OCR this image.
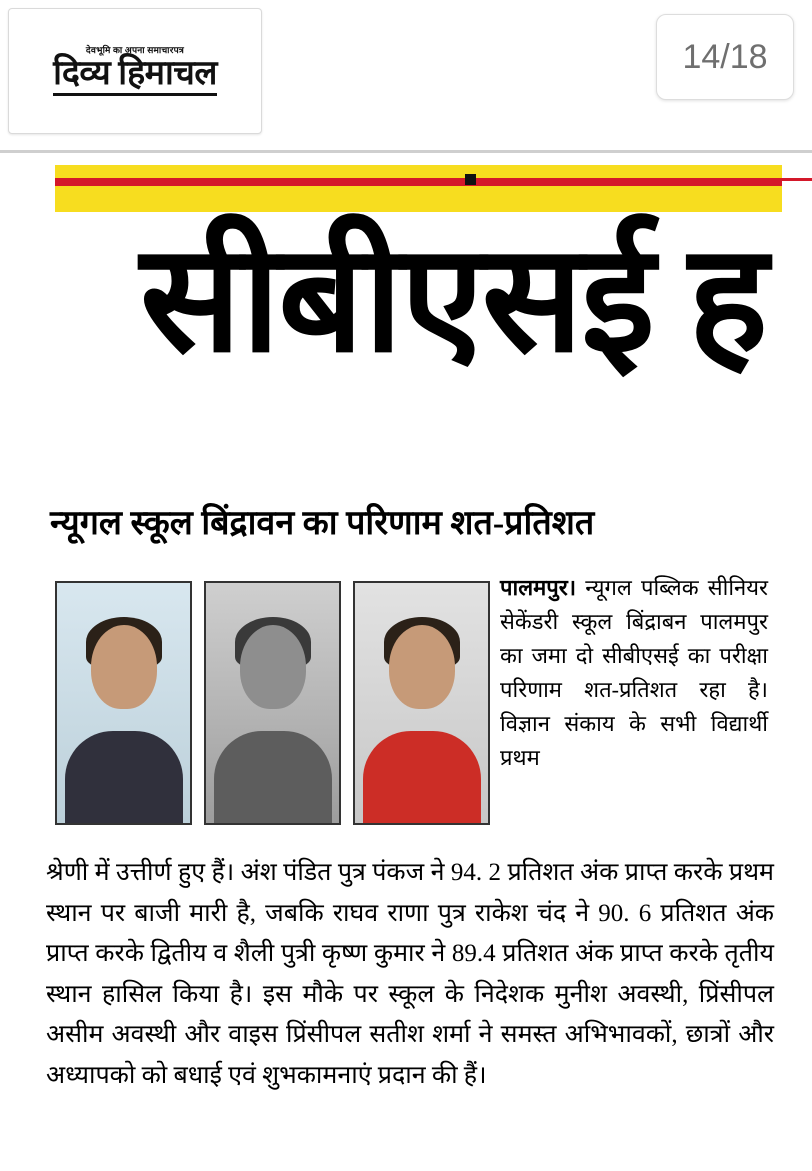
देवभूमि का अपना समाचारपत्र
दिव्य हिमाचल	14/18
सीबीएसई ह
न्यूगल स्कूल बिंद्रावन का परिणाम शत-प्रतिशत
पालमपुर। न्यूगल पब्लिक सीनियर सेकेंडरी स्कूल बिंद्राबन पालमपुर का जमा दो सीबीएसई का परीक्षा परिणाम शत-प्रतिशत रहा है। विज्ञान संकाय के सभी विद्यार्थी प्रथम
श्रेणी में उत्तीर्ण हुए हैं। अंश पंडित पुत्र पंकज ने 94. 2 प्रतिशत अंक प्राप्त करके प्रथम स्थान पर बाजी मारी है, जबकि राघव राणा पुत्र राकेश चंद ने 90. 6 प्रतिशत अंक प्राप्त करके द्वितीय व शैली पुत्री कृष्ण कुमार ने 89.4 प्रतिशत अंक प्राप्त करके तृतीय स्थान हासिल किया है। इस मौके पर स्कूल के निदेशक मुनीश अवस्थी, प्रिंसीपल असीम अवस्थी और वाइस प्रिंसीपल सतीश शर्मा ने समस्त अभिभावकों, छात्रों और अध्यापको को बधाई एवं शुभकामनाएं प्रदान की हैं।
